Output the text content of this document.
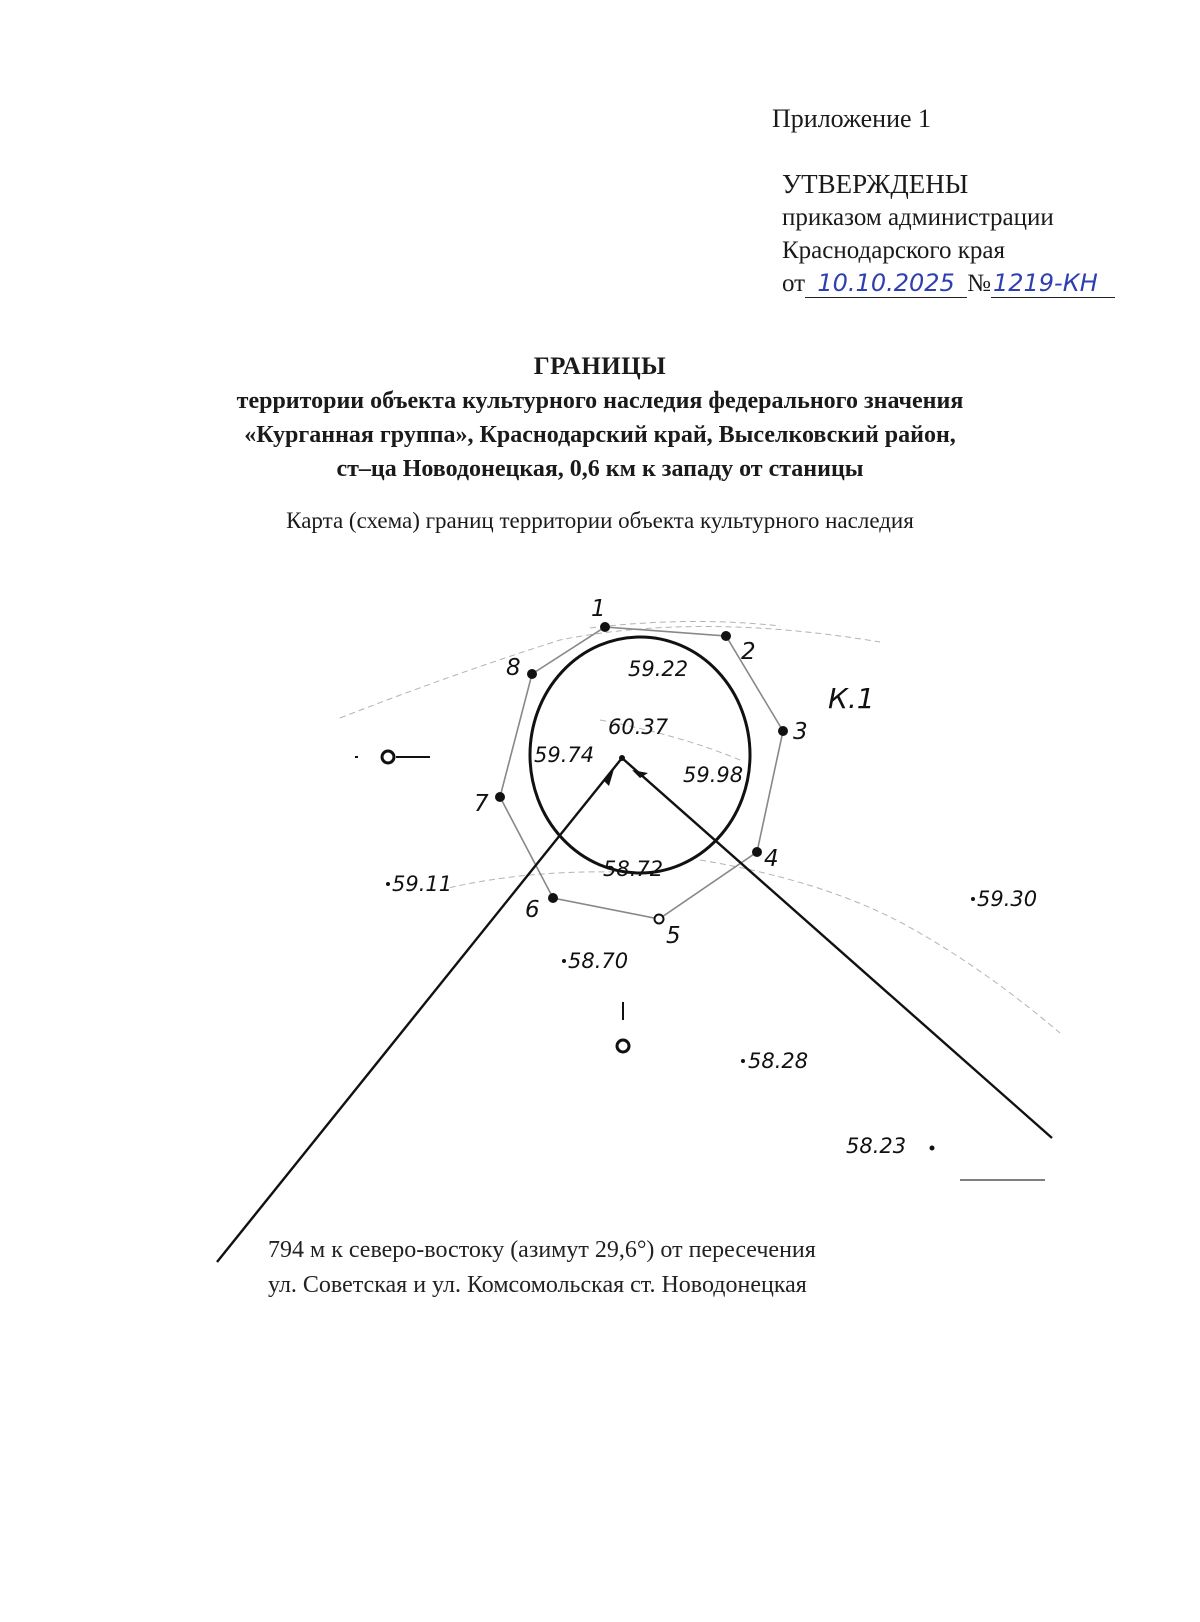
Приложение 1
УТВЕРЖДЕНЫ
приказом администрации
Краснодарского края
от 10.10.2025 №1219-КН
ГРАНИЦЫ
территории объекта культурного наследия федерального значения
«Курганная группа», Краснодарский край, Выселковский район,
ст–ца Новодонецкая, 0,6 км к западу от станицы
Карта (схема) границ территории объекта культурного наследия
1
2
3
4
5
6
7
8
К.1
60.37
59.22
59.74
59.98
58.72
59.11
59.30
58.70
58.28
58.23
794 м к северо-востоку (азимут 29,6°) от пересечения
ул. Советская и ул. Комсомольская ст. Новодонецкая
